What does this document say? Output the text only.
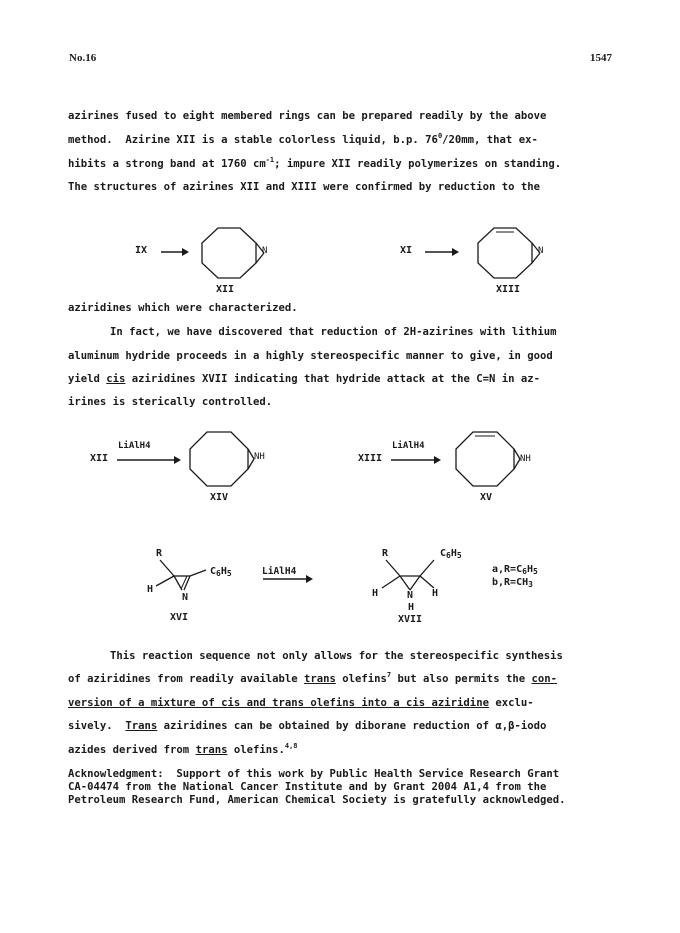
No.16	1547
azirines fused to eight membered rings can be prepared readily by the above
method.  Azirine XII is a stable colorless liquid, b.p. $76^0/20mm$, that ex-
hibits a strong band at 1760 $cm^{-1}$; impure XII readily polymerizes on standing.
The structures of azirines XII and XIII were confirmed by reduction to the
IX	N
XII
XI	N
XIII
aziridines which were characterized.
In fact, we have discovered that reduction of 2H-azirines with lithium
aluminum hydride proceeds in a highly stereospecific manner to give, in good
yield cis aziridines XVII indicating that hydride attack at the C=N in az-
irines is sterically controlled.
XII
LiAlH4
NH
XIV
XIII
LiAlH4
NH
XV
R
$C_6H_5$
H
N
XVI
LiAlH4
R	$C_6H_5$
H	N H
H
XVII
$a,R=C_6H_5$
$b,R=CH_3$
This reaction sequence not only allows for the stereospecific synthesis
of aziridines from readily available trans olefins$^7$ but also permits the con-
version of a mixture of cis and trans olefins into a cis aziridine exclu-
sively.  Trans aziridines can be obtained by diborane reduction of α,β-iodo
azides derived from trans olefins.$^{4,8}$
Acknowledgment:  Support of this work by Public Health Service Research Grant
CA-04474 from the National Cancer Institute and by Grant 2004 A1,4 from the
Petroleum Research Fund, American Chemical Society is gratefully acknowledged.
